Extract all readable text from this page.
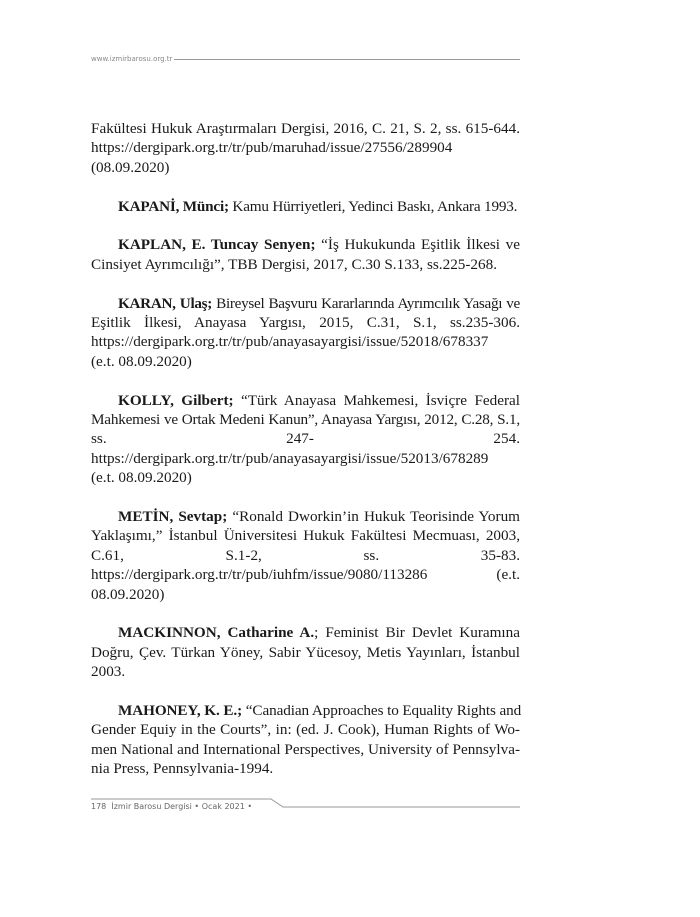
www.izmirbarosu.org.tr
Fakültesi Hukuk Araştırmaları Dergisi, 2016, C. 21, S. 2, ss. 615-644.
https://dergipark.org.tr/tr/pub/maruhad/issue/27556/289904
(08.09.2020)
KAPANİ, Münci; Kamu Hürriyetleri, Yedinci Baskı, Ankara 1993.
KAPLAN, E. Tuncay Senyen; “İş Hukukunda Eşitlik İlkesi ve
Cinsiyet Ayrımcılığı”, TBB Dergisi, 2017, C.30 S.133, ss.225-268.
KARAN, Ulaş; Bireysel Başvuru Kararlarında Ayrımcılık Yasağı ve
Eşitlik İlkesi, Anayasa Yargısı, 2015, C.31, S.1, ss.235-306.
https://dergipark.org.tr/tr/pub/anayasayargisi/issue/52018/678337
(e.t. 08.09.2020)
KOLLY, Gilbert; “Türk Anayasa Mahkemesi, İsviçre Federal
Mahkemesi ve Ortak Medeni Kanun”, Anayasa Yargısı, 2012, C.28, S.1,
ss. 247- 254.
https://dergipark.org.tr/tr/pub/anayasayargisi/issue/52013/678289
(e.t. 08.09.2020)
METİN, Sevtap; “Ronald Dworkin’in Hukuk Teorisinde Yorum
Yaklaşımı,” İstanbul Üniversitesi Hukuk Fakültesi Mecmuası, 2003,
C.61, S.1-2, ss. 35-83.
https://dergipark.org.tr/tr/pub/iuhfm/issue/9080/113286 (e.t.
08.09.2020)
MACKINNON, Catharine A.; Feminist Bir Devlet Kuramına
Doğru, Çev. Türkan Yöney, Sabir Yücesoy, Metis Yayınları, İstanbul
2003.
MAHONEY, K. E.; “Canadian Approaches to Equality Rights and
Gender Equiy in the Courts”, in: (ed. J. Cook), Human Rights of Wo-
men National and International Perspectives, University of Pennsylva-
nia Press, Pennsylvania-1994.
178 İzmir Barosu Dergisi • Ocak 2021 •
